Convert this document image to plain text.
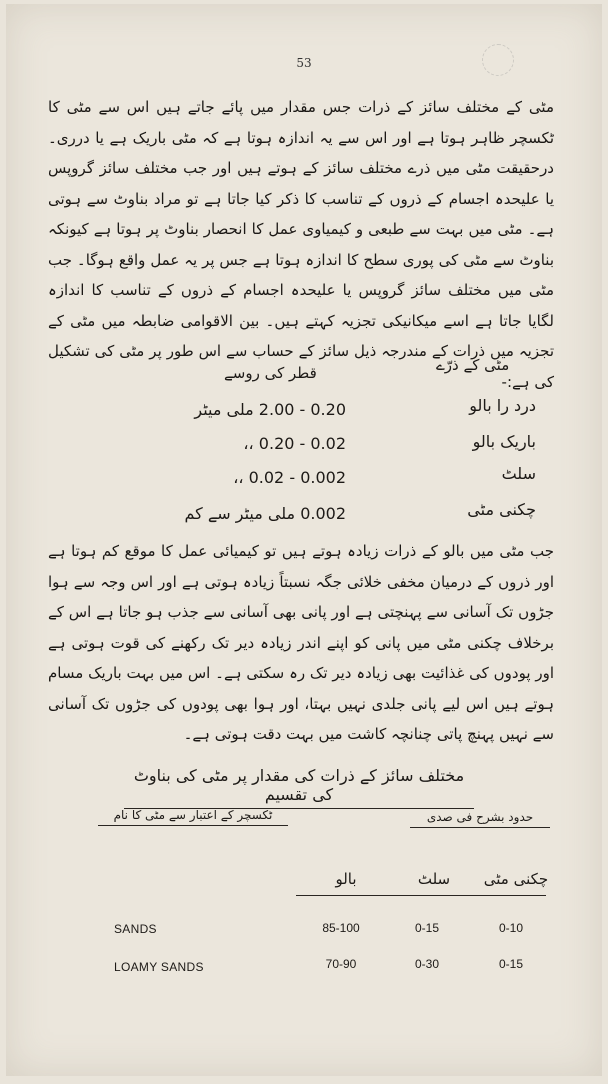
53
مٹی کے مختلف سائز کے ذرات جس مقدار میں پائے جاتے ہیں اس سے مٹی کا ٹکسچر ظاہر ہوتا ہے اور اس سے یہ اندازہ ہوتا ہے کہ مٹی باریک ہے یا درری۔ درحقیقت مٹی میں ذرے مختلف سائز کے ہوتے ہیں اور جب مختلف سائز گروپس یا علیحدہ اجسام کے ذروں کے تناسب کا ذکر کیا جاتا ہے تو مراد بناوٹ سے ہوتی ہے۔ مٹی میں بہت سے طبعی و کیمیاوی عمل کا انحصار بناوٹ پر ہوتا ہے کیونکہ بناوٹ سے مٹی کی پوری سطح کا اندازہ ہوتا ہے جس پر یہ عمل واقع ہوگا۔ جب مٹی میں مختلف سائز گروپس یا علیحدہ اجسام کے ذروں کے تناسب کا اندازہ لگایا جاتا ہے اسے میکانیکی تجزیہ کہتے ہیں۔ بین الاقوامی ضابطہ میں مٹی کے تجزیہ میں ذرات کے مندرجہ ذیل سائز کے حساب سے اس طور پر مٹی کی تشکیل کی ہے:-
مٹی کے ذرّے
قطر کی روسے
درد را بالو
0.20 - 2.00 ملی میٹر
باریک بالو
0.02 - 0.20 ،،
سلٹ
0.002 - 0.02 ،،
چکنی مٹی
0.002 ملی میٹر سے کم
جب مٹی میں بالو کے ذرات زیادہ ہوتے ہیں تو کیمیائی عمل کا موقع کم ہوتا ہے اور ذروں کے درمیان مخفی خلائی جگہ نسبتاً زیادہ ہوتی ہے اور اس وجہ سے ہوا جڑوں تک آسانی سے پہنچتی ہے اور پانی بھی آسانی سے جذب ہو جاتا ہے اس کے برخلاف چکنی مٹی میں پانی کو اپنے اندر زیادہ دیر تک رکھنے کی قوت ہوتی ہے اور پودوں کی غذائیت بھی زیادہ دیر تک رہ سکتی ہے۔ اس میں بہت باریک مسام ہوتے ہیں اس لیے پانی جلدی نہیں بہتا، اور ہوا بھی پودوں کی جڑوں تک آسانی سے نہیں پہنچ پاتی چنانچہ کاشت میں بہت دقت ہوتی ہے۔
مختلف سائز کے ذرات کی مقدار پر مٹی کی بناوٹ کی تقسیم
ٹکسچر کے اعتبار سے مٹی کا نام	حدود بشرح فی صدی
بالو	سلٹ	چکنی مٹی
SANDS	85-100	0-15	0-10
LOAMY SANDS	70-90	0-30	0-15
